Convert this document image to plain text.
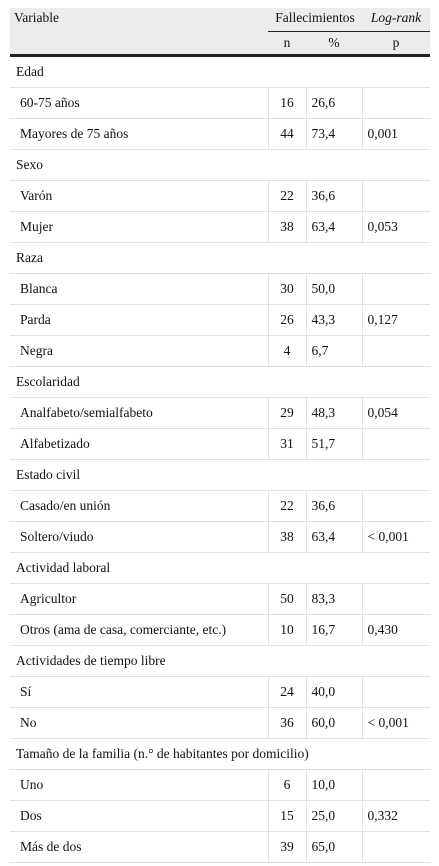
Variable	Fallecimientos		Log-rank
	n	%	p
Edad			
60-75 años	16	26,6	
Mayores de 75 años	44	73,4	0,001
Sexo			
Varón	22	36,6	
Mujer	38	63,4	0,053
Raza			
Blanca	30	50,0	
Parda	26	43,3	0,127
Negra	4	6,7	
Escolaridad			
Analfabeto/semialfabeto	29	48,3	0,054
Alfabetizado	31	51,7	
Estado civil			
Casado/en unión	22	36,6	
Soltero/viudo	38	63,4	< 0,001
Actividad laboral			
Agricultor	50	83,3	
Otros (ama de casa, comerciante, etc.)	10	16,7	0,430
Actividades de tiempo libre			
Sí	24	40,0	
No	36	60,0	< 0,001
Tamaño de la familia (n.° de habitantes por domicilio)			
Uno	6	10,0	
Dos	15	25,0	0,332
Más de dos	39	65,0	
